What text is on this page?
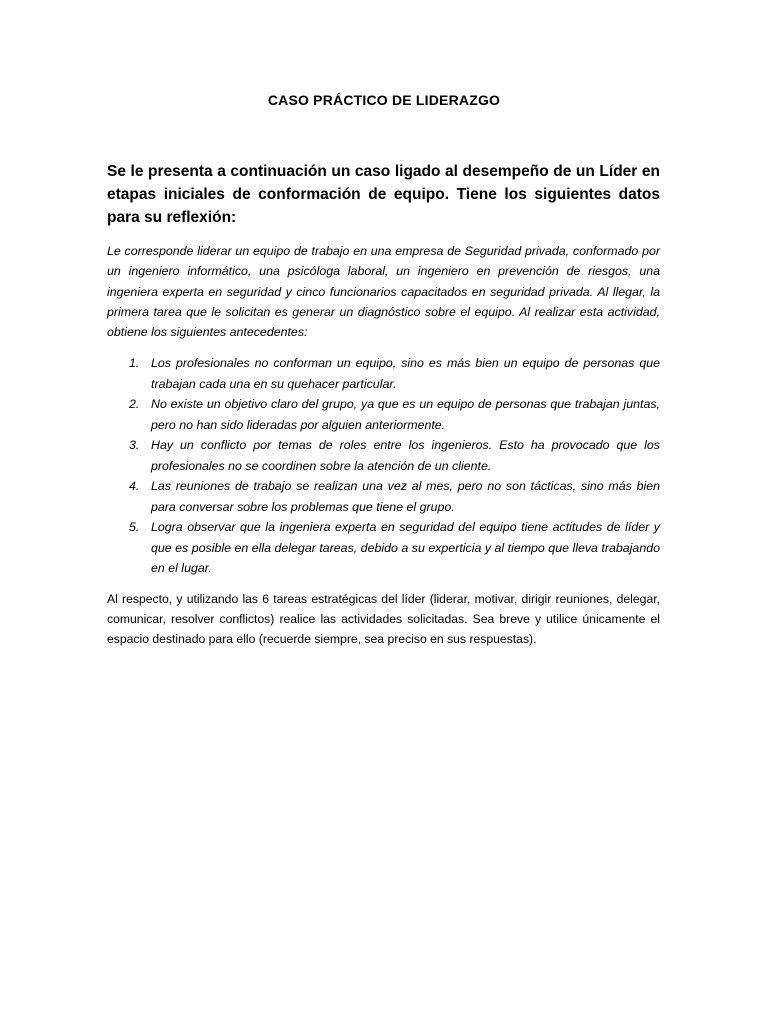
CASO PRÁCTICO DE LIDERAZGO
Se le presenta a continuación un caso ligado al desempeño de un Líder en etapas iniciales de conformación de equipo. Tiene los siguientes datos para su reflexión:
Le corresponde liderar un equipo de trabajo en una empresa de Seguridad privada, conformado por un ingeniero informático, una psicóloga laboral, un ingeniero en prevención de riesgos, una ingeniera experta en seguridad y cinco funcionarios capacitados en seguridad privada. Al llegar, la primera tarea que le solicitan es generar un diagnóstico sobre el equipo. Al realizar esta actividad, obtiene los siguientes antecedentes:
1. Los profesionales no conforman un equipo, sino es más bien un equipo de personas que trabajan cada una en su quehacer particular.
2. No existe un objetivo claro del grupo, ya que es un equipo de personas que trabajan juntas, pero no han sido lideradas por alguien anteriormente.
3. Hay un conflicto por temas de roles entre los ingenieros. Esto ha provocado que los profesionales no se coordinen sobre la atención de un cliente.
4. Las reuniones de trabajo se realizan una vez al mes, pero no son tácticas, sino más bien para conversar sobre los problemas que tiene el grupo.
5. Logra observar que la ingeniera experta en seguridad del equipo tiene actitudes de líder y que es posible en ella delegar tareas, debido a su experticia y al tiempo que lleva trabajando en el lugar.
Al respecto, y utilizando las 6 tareas estratégicas del líder (liderar, motivar, dirigir reuniones, delegar, comunicar, resolver conflictos) realice las actividades solicitadas. Sea breve y utilice únicamente el espacio destinado para ello (recuerde siempre, sea preciso en sus respuestas).
